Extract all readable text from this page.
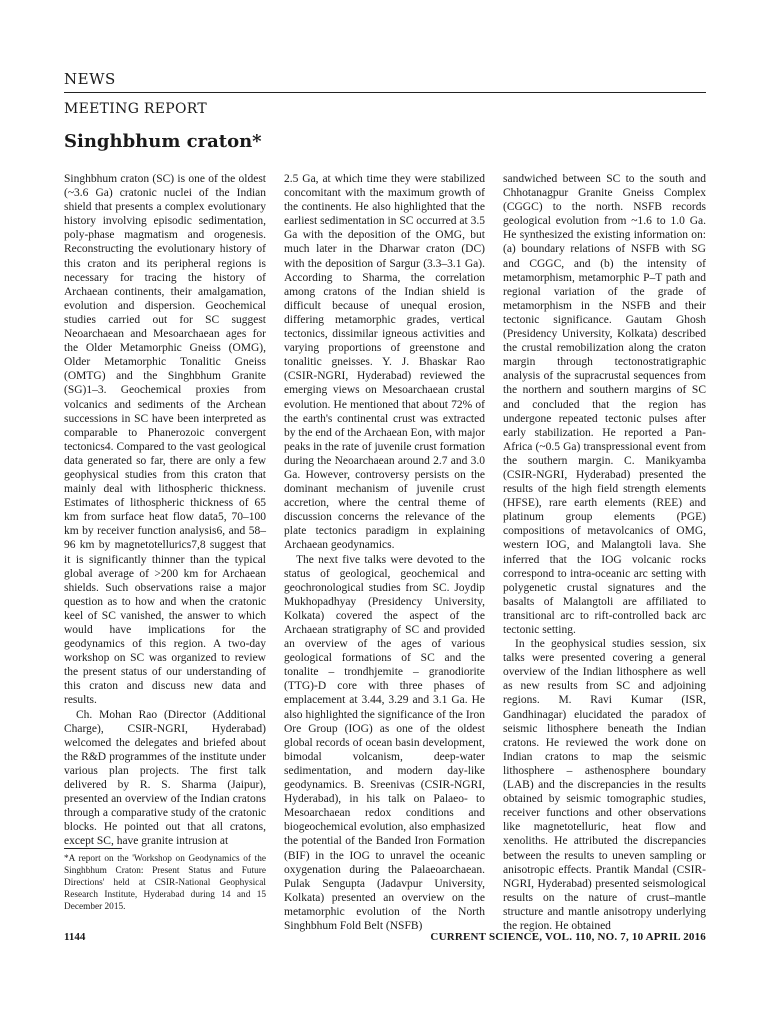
NEWS
MEETING REPORT
Singhbhum craton*

Singhbhum craton (SC) is one of the oldest (~3.6 Ga) cratonic nuclei of the Indian shield that presents a complex evolutionary history involving episodic sedimentation, poly-phase magmatism and orogenesis. Reconstructing the evolutionary history of this craton and its peripheral regions is necessary for tracing the history of Archaean continents, their amalgamation, evolution and dispersion. Geochemical studies carried out for SC suggest Neoarchaean and Mesoarchaean ages for the Older Metamorphic Gneiss (OMG), Older Metamorphic Tonalitic Gneiss (OMTG) and the Singhbhum Granite (SG)1–3. Geochemical proxies from volcanics and sediments of the Archean successions in SC have been interpreted as comparable to Phanerozoic convergent tectonics4. Compared to the vast geological data generated so far, there are only a few geophysical studies from this craton that mainly deal with lithospheric thickness. Estimates of lithospheric thickness of 65 km from surface heat flow data5, 70–100 km by receiver function analysis6, and 58–96 km by magnetotellurics7,8 suggest that it is significantly thinner than the typical global average of >200 km for Archaean shields. Such observations raise a major question as to how and when the cratonic keel of SC vanished, the answer to which would have implications for the geodynamics of this region. A two-day workshop on SC was organized to review the present status of our understanding of this craton and discuss new data and results.

Ch. Mohan Rao (Director (Additional Charge), CSIR-NGRI, Hyderabad) welcomed the delegates and briefed about the R&D programmes of the institute under various plan projects. The first talk delivered by R. S. Sharma (Jaipur), presented an overview of the Indian cratons through a comparative study of the cratonic blocks. He pointed out that all cratons, except SC, have granite intrusion at

2.5 Ga, at which time they were stabilized concomitant with the maximum growth of the continents. He also highlighted that the earliest sedimentation in SC occurred at 3.5 Ga with the deposition of the OMG, but much later in the Dharwar craton (DC) with the deposition of Sargur (3.3–3.1 Ga). According to Sharma, the correlation among cratons of the Indian shield is difficult because of unequal erosion, differing metamorphic grades, vertical tectonics, dissimilar igneous activities and varying proportions of greenstone and tonalitic gneisses. Y. J. Bhaskar Rao (CSIR-NGRI, Hyderabad) reviewed the emerging views on Mesoarchaean crustal evolution. He mentioned that about 72% of the earth's continental crust was extracted by the end of the Archaean Eon, with major peaks in the rate of juvenile crust formation during the Neoarchaean around 2.7 and 3.0 Ga. However, controversy persists on the dominant mechanism of juvenile crust accretion, where the central theme of discussion concerns the relevance of the plate tectonics paradigm in explaining Archaean geodynamics.

The next five talks were devoted to the status of geological, geochemical and geochronological studies from SC. Joydip Mukhopadhyay (Presidency University, Kolkata) covered the aspect of the Archaean stratigraphy of SC and provided an overview of the ages of various geological formations of SC and the tonalite – trondhjemite – granodiorite (TTG)-D core with three phases of emplacement at 3.44, 3.29 and 3.1 Ga. He also highlighted the significance of the Iron Ore Group (IOG) as one of the oldest global records of ocean basin development, bimodal volcanism, deep-water sedimentation, and modern day-like geodynamics. B. Sreenivas (CSIR-NGRI, Hyderabad), in his talk on Palaeo- to Mesoarchaean redox conditions and biogeochemical evolution, also emphasized the potential of the Banded Iron Formation (BIF) in the IOG to unravel the oceanic oxygenation during the Palaeoarchaean. Pulak Sengupta (Jadavpur University, Kolkata) presented an overview on the metamorphic evolution of the North Singhbhum Fold Belt (NSFB)

sandwiched between SC to the south and Chhotanagpur Granite Gneiss Complex (CGGC) to the north. NSFB records geological evolution from ~1.6 to 1.0 Ga. He synthesized the existing information on: (a) boundary relations of NSFB with SG and CGGC, and (b) the intensity of metamorphism, metamorphic P–T path and regional variation of the grade of metamorphism in the NSFB and their tectonic significance. Gautam Ghosh (Presidency University, Kolkata) described the crustal remobilization along the craton margin through tectonostratigraphic analysis of the supracrustal sequences from the northern and southern margins of SC and concluded that the region has undergone repeated tectonic pulses after early stabilization. He reported a Pan-Africa (~0.5 Ga) transpressional event from the southern margin. C. Manikyamba (CSIR-NGRI, Hyderabad) presented the results of the high field strength elements (HFSE), rare earth elements (REE) and platinum group elements (PGE) compositions of metavolcanics of OMG, western IOG, and Malangtoli lava. She inferred that the IOG volcanic rocks correspond to intra-oceanic arc setting with polygenetic crustal signatures and the basalts of Malangtoli are affiliated to transitional arc to rift-controlled back arc tectonic setting.

In the geophysical studies session, six talks were presented covering a general overview of the Indian lithosphere as well as new results from SC and adjoining regions. M. Ravi Kumar (ISR, Gandhinagar) elucidated the paradox of seismic lithosphere beneath the Indian cratons. He reviewed the work done on Indian cratons to map the seismic lithosphere – asthenosphere boundary (LAB) and the discrepancies in the results obtained by seismic tomographic studies, receiver functions and other observations like magnetotelluric, heat flow and xenoliths. He attributed the discrepancies between the results to uneven sampling or anisotropic effects. Prantik Mandal (CSIR-NGRI, Hyderabad) presented seismological results on the nature of crust–mantle structure and mantle anisotropy underlying the region. He obtained

*A report on the 'Workshop on Geodynamics of the Singhbhum Craton: Present Status and Future Directions' held at CSIR-National Geophysical Research Institute, Hyderabad during 14 and 15 December 2015.
1144	CURRENT SCIENCE, VOL. 110, NO. 7, 10 APRIL 2016
